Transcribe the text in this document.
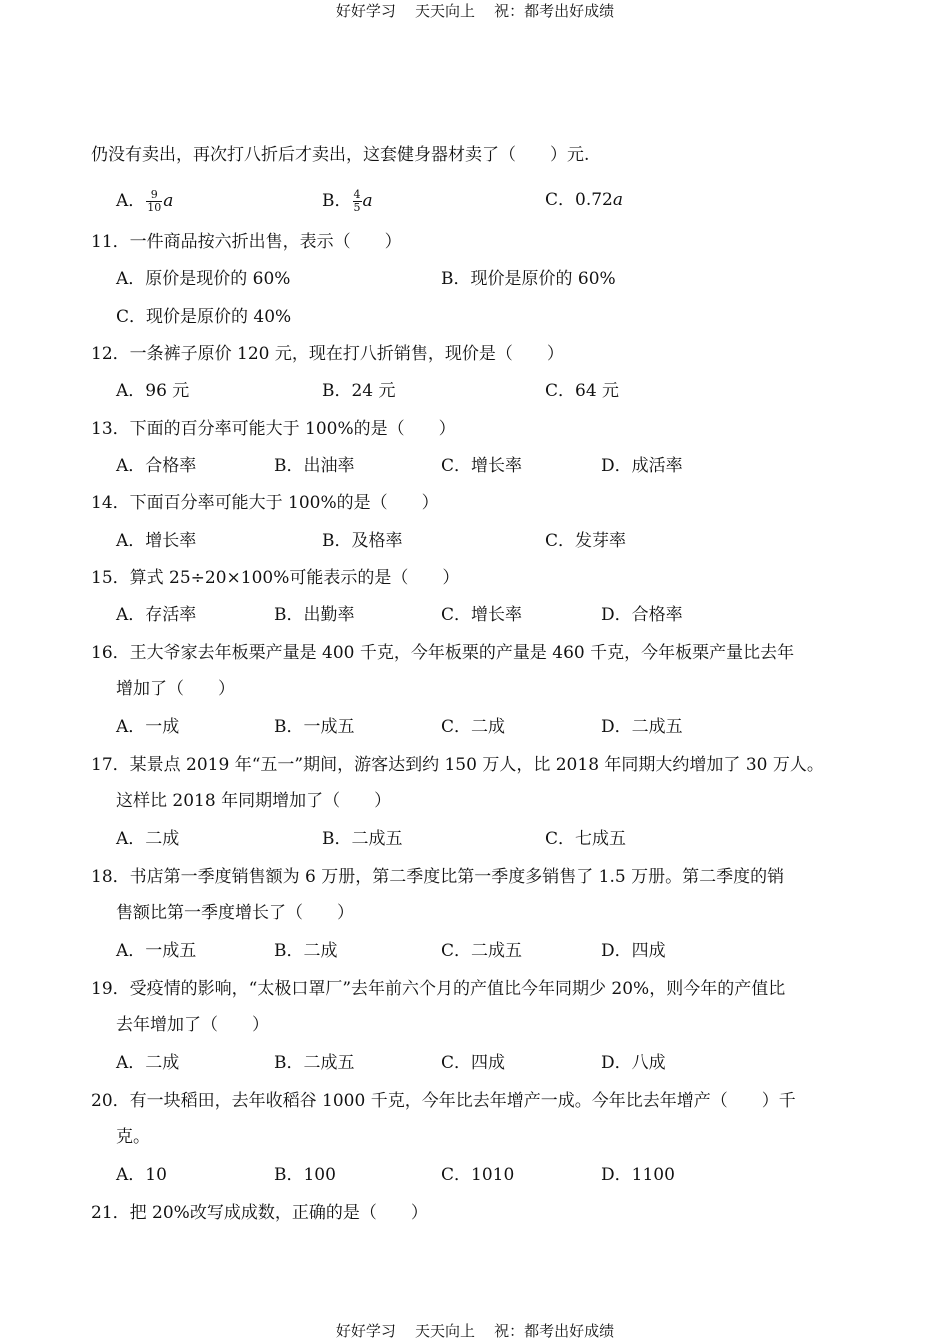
好好学习    天天向上    祝：都考出好成绩
仍没有卖出，再次打八折后才卖出，这套健身器材卖了（　　）元.
A． $\frac{9}{10}$ a	B． $\frac{4}{5}$ a	C．0.72a
11．一件商品按六折出售，表示（　　）
A．原价是现价的 60%	B．现价是原价的 60%
C．现价是原价的 40%
12．一条裤子原价 120 元，现在打八折销售，现价是（　　）
A．96 元	B．24 元	C．64 元
13．下面的百分率可能大于 100%的是（　　）
A．合格率	B．出油率	C．增长率	D．成活率
14．下面百分率可能大于 100%的是（　　）
A．增长率	B．及格率	C．发芽率
15．算式 25÷20×100%可能表示的是（　　）
A．存活率	B．出勤率	C．增长率	D．合格率
16．王大爷家去年板栗产量是 400 千克，今年板栗的产量是 460 千克，今年板栗产量比去年
增加了（　　）
A．一成	B．一成五	C．二成	D．二成五
17．某景点 2019 年“五一”期间，游客达到约 150 万人，比 2018 年同期大约增加了 30 万人。
这样比 2018 年同期增加了（　　）
A．二成	B．二成五	C．七成五
18．书店第一季度销售额为 6 万册，第二季度比第一季度多销售了 1.5 万册。第二季度的销
售额比第一季度增长了（　　）
A．一成五	B．二成	C．二成五	D．四成
19．受疫情的影响，“太极口罩厂”去年前六个月的产值比今年同期少 20%，则今年的产值比
去年增加了（　　）
A．二成	B．二成五	C．四成	D．八成
20．有一块稻田，去年收稻谷 1000 千克，今年比去年增产一成。今年比去年增产（　　）千
克。
A．10	B．100	C．1010	D．1100
21．把 20%改写成成数，正确的是（　　）
好好学习    天天向上    祝：都考出好成绩
